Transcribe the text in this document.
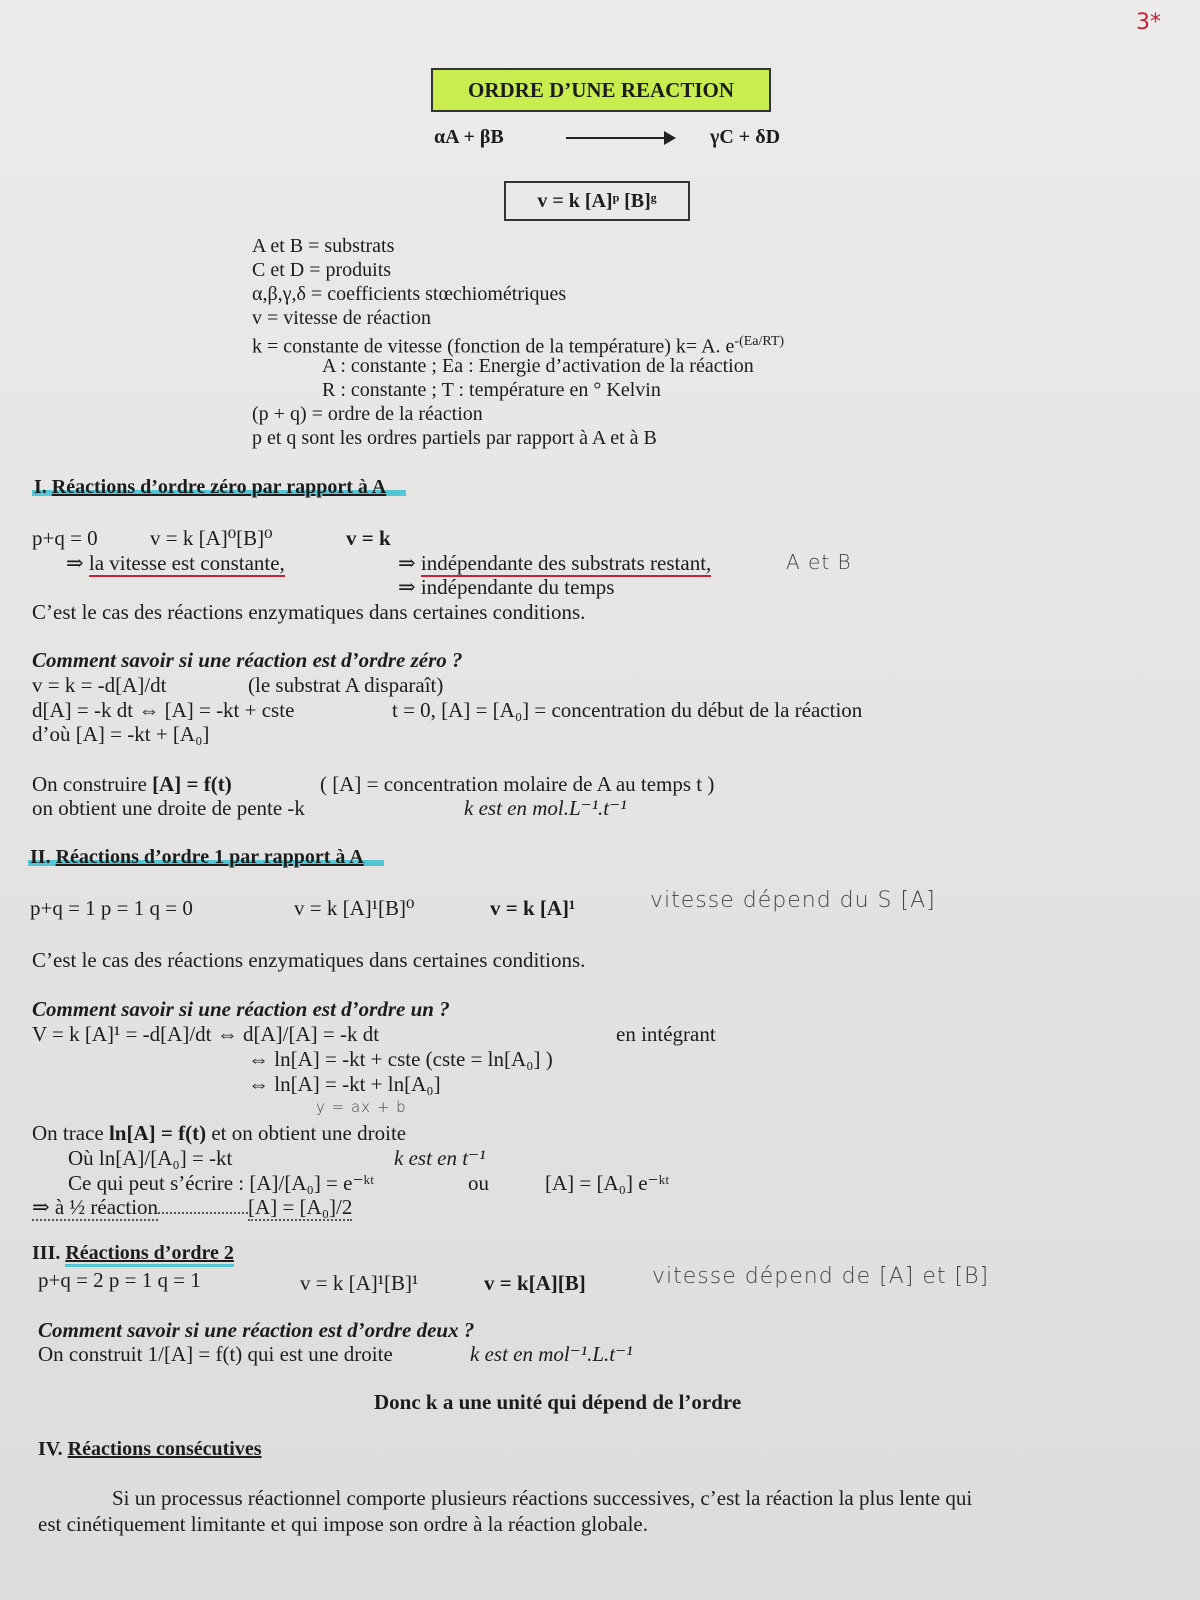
3*
ORDRE D’UNE REACTION
αA + βB	γC + δD
v = k [A]ᵖ [B]ᵍ
A et B = substrats
C et D = produits
α,β,γ,δ = coefficients stœchiométriques
v = vitesse de réaction
k = constante de vitesse (fonction de la température) k= A. $e^{-(Ea/RT)}$
A : constante ; Ea : Energie d’activation de la réaction
R : constante ; T : température en ° Kelvin
(p + q) = ordre de la réaction
p et q sont les ordres partiels par rapport à A et à B
I. Réactions d’ordre zéro par rapport à A
p+q = 0 v = k [A]⁰[B]⁰	v = k
⇒ la vitesse est constante,	⇒ indépendante des substrats restant,	A et B
⇒ indépendante du temps
C’est le cas des réactions enzymatiques dans certaines conditions.
Comment savoir si une réaction est d’ordre zéro ?
v = k = -d[A]/dt	(le substrat A disparaît)
d[A] = -k dt ⇔ [A] = -kt + cste	t = 0, [A] = [A₀] = concentration du début de la réaction
d’où [A] = -kt + [A₀]
On construire [A] = f(t)	( [A] = concentration molaire de A au temps t )
on obtient une droite de pente -k	k est en mol.L⁻¹.t⁻¹
II. Réactions d’ordre 1 par rapport à A
p+q = 1 p = 1 q = 0	v = k [A]¹[B]⁰	v = k [A]¹	vitesse dépend du S [A]
C’est le cas des réactions enzymatiques dans certaines conditions.
Comment savoir si une réaction est d’ordre un ?
V = k [A]¹ = -d[A]/dt ⇔ d[A]/[A] = -k dt	en intégrant
⇔ ln[A] = -kt + cste (cste = ln[A₀] )
⇔ ln[A] = -kt + ln[A₀]
y = ax + b
On trace ln[A] = f(t) et on obtient une droite
Où ln[A]/[A₀] = -kt	k est en t⁻¹
Ce qui peut s’écrire : [A]/[A₀] = e⁻ᵏᵗ	ou	[A] = [A₀] e⁻ᵏᵗ
⇒ à ½ réaction	[A] = [A₀]/2
III. Réactions d’ordre 2
p+q = 2 p = 1 q = 1	v = k [A]¹[B]¹	v = k[A][B]	vitesse dépend de [A] et [B]
Comment savoir si une réaction est d’ordre deux ?
On construit 1/[A] = f(t) qui est une droite	k est en mol⁻¹.L.t⁻¹
Donc k a une unité qui dépend de l’ordre
IV. Réactions consécutives
Si un processus réactionnel comporte plusieurs réactions successives, c’est la réaction la plus lente qui
est cinétiquement limitante et qui impose son ordre à la réaction globale.
